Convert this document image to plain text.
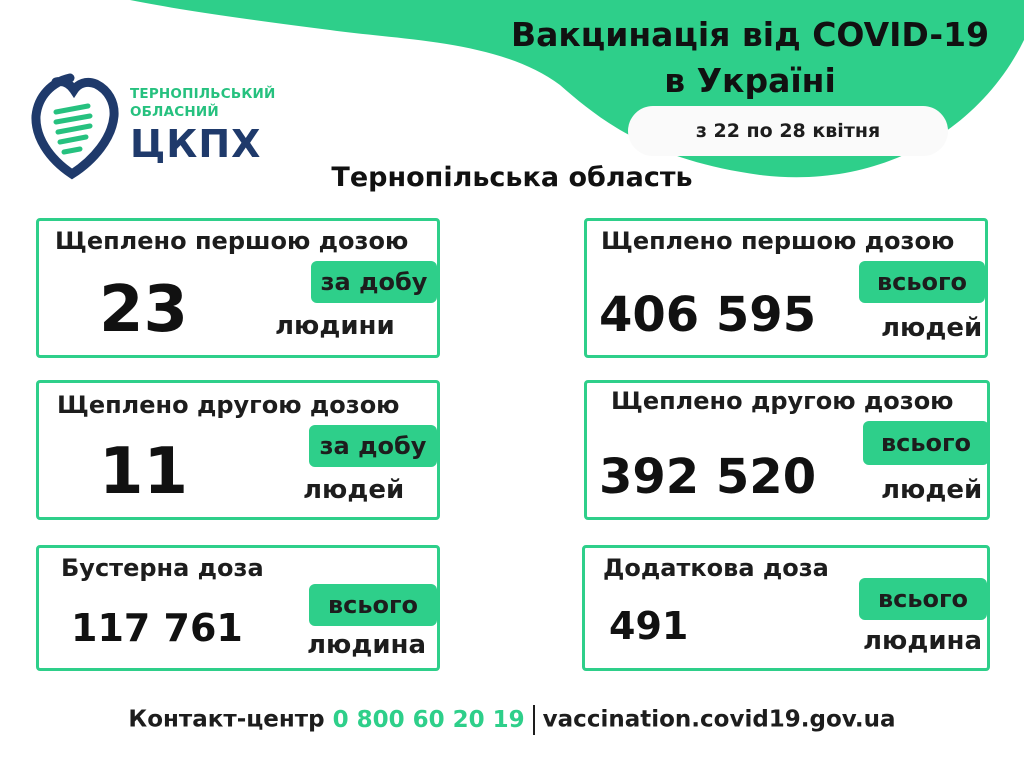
ТЕРНОПІЛЬСЬКИЙ
ОБЛАСНИЙ
ЦКПХ
Вакцинація від COVID-19
в Україні
з 22 по 28 квітня
Тернопільська область
Щеплено першою дозою
23	за добу
людини
Щеплено першою дозою
406 595
всього
людей
Щеплено другою дозою
11	за добу
людей
Щеплено другою дозою
392 520
всього
людей
Бустерна доза
117 761
всього
людина
Додаткова доза
491
всього
людина
Контакт-центр 0 800 60 20 19 vaccination.covid19.gov.ua
